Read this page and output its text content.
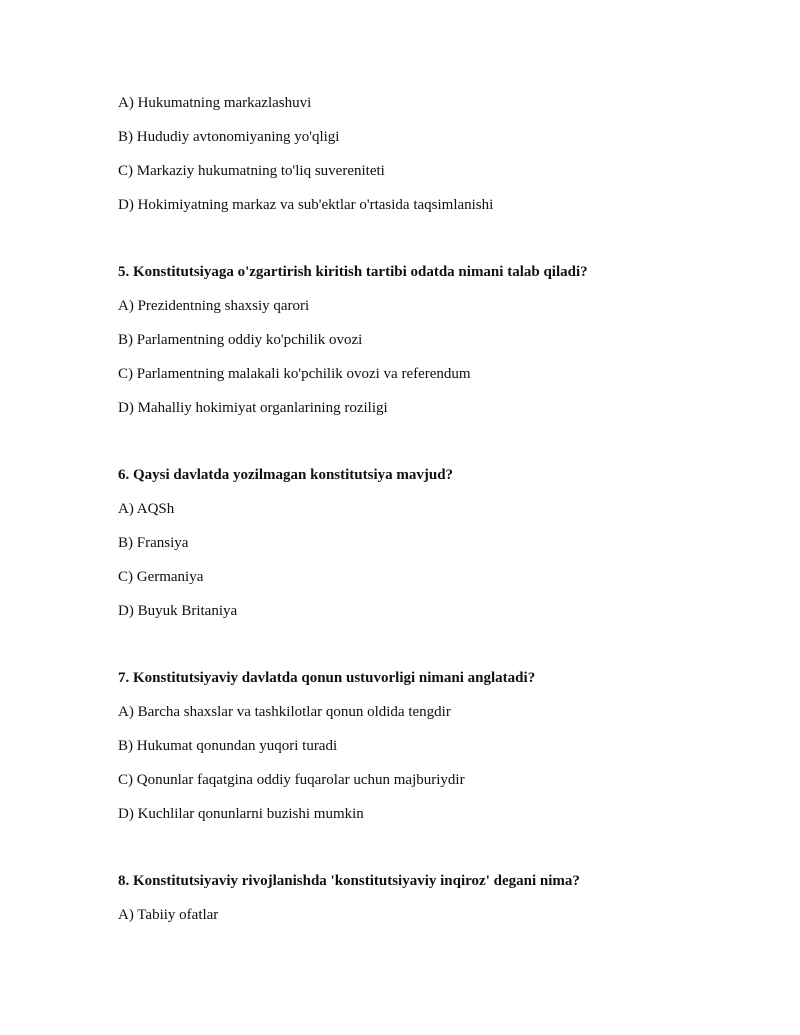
A) Hukumatning markazlashuvi
B) Hududiy avtonomiyaning yo'qligi
C) Markaziy hukumatning to'liq suvereniteti
D) Hokimiyatning markaz va sub'ektlar o'rtasida taqsimlanishi
5. Konstitutsiyaga o'zgartirish kiritish tartibi odatda nimani talab qiladi?
A) Prezidentning shaxsiy qarori
B) Parlamentning oddiy ko'pchilik ovozi
C) Parlamentning malakali ko'pchilik ovozi va referendum
D) Mahalliy hokimiyat organlarining roziligi
6. Qaysi davlatda yozilmagan konstitutsiya mavjud?
A) AQSh
B) Fransiya
C) Germaniya
D) Buyuk Britaniya
7. Konstitutsiyaviy davlatda qonun ustuvorligi nimani anglatadi?
A) Barcha shaxslar va tashkilotlar qonun oldida tengdir
B) Hukumat qonundan yuqori turadi
C) Qonunlar faqatgina oddiy fuqarolar uchun majburiydir
D) Kuchlilar qonunlarni buzishi mumkin
8. Konstitutsiyaviy rivojlanishda 'konstitutsiyaviy inqiroz' degani nima?
A) Tabiiy ofatlar
